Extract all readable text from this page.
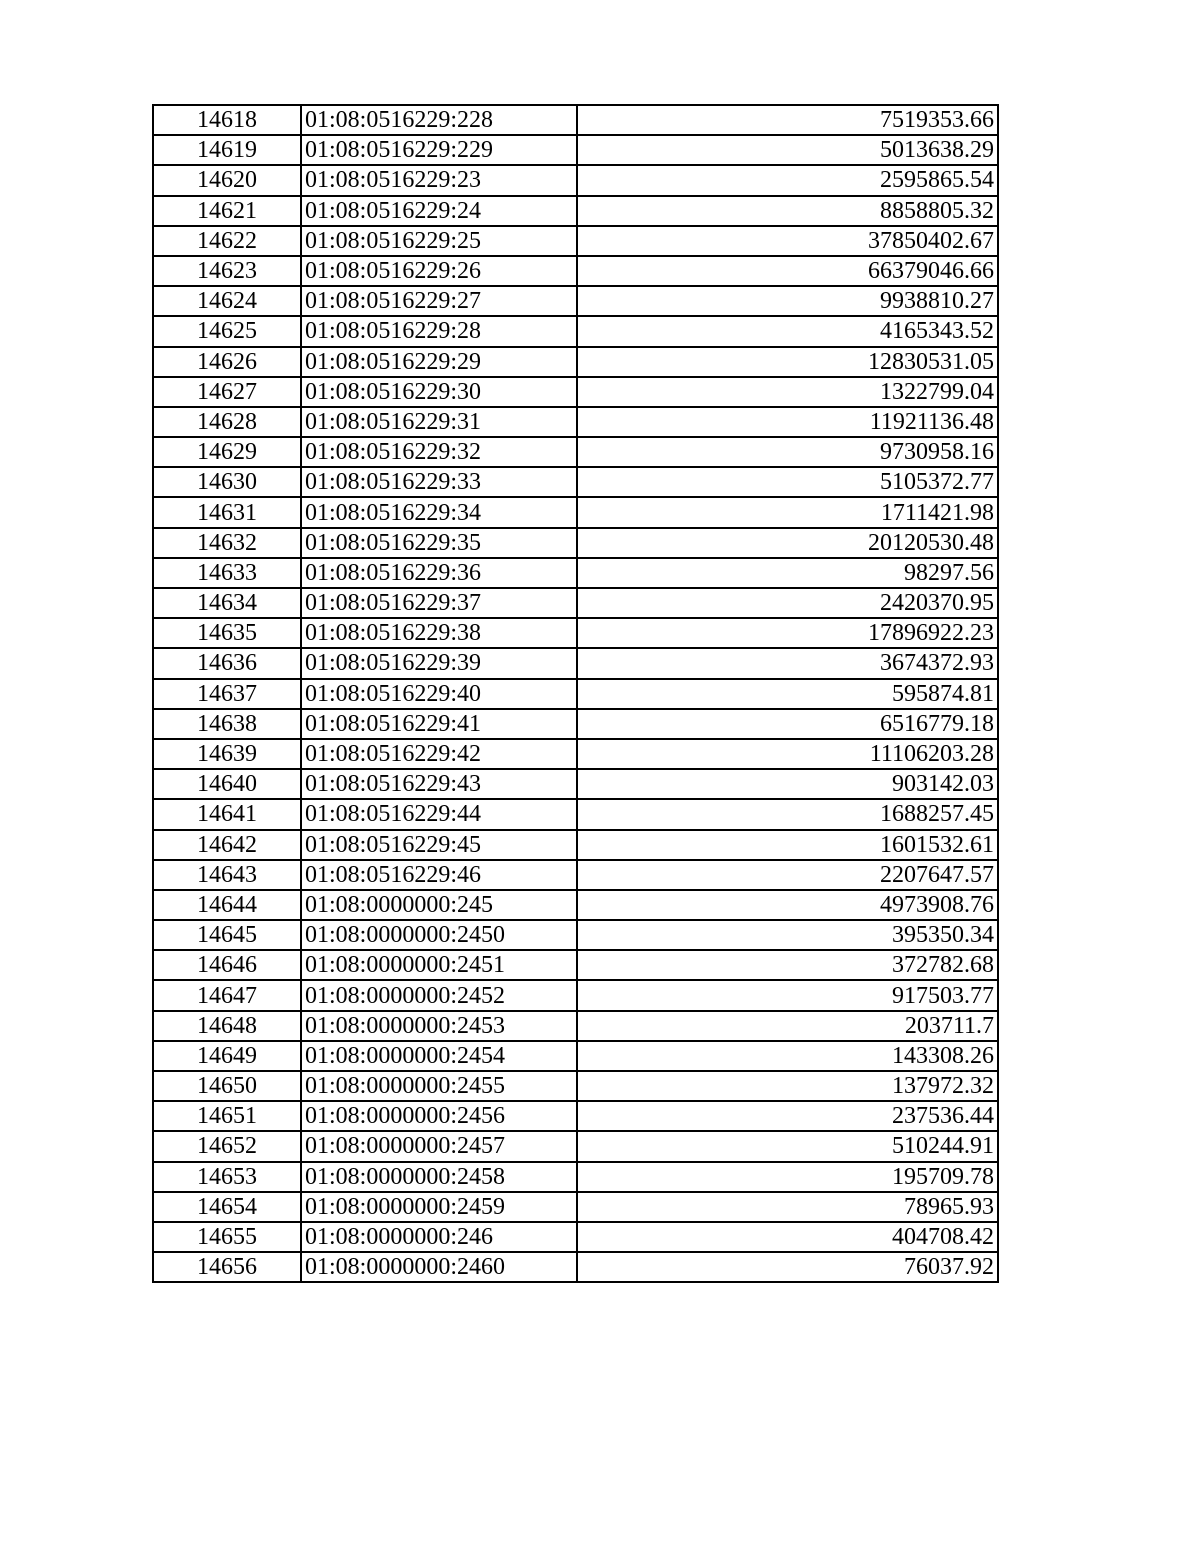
14618	01:08:0516229:228	7519353.66
14619	01:08:0516229:229	5013638.29
14620	01:08:0516229:23	2595865.54
14621	01:08:0516229:24	8858805.32
14622	01:08:0516229:25	37850402.67
14623	01:08:0516229:26	66379046.66
14624	01:08:0516229:27	9938810.27
14625	01:08:0516229:28	4165343.52
14626	01:08:0516229:29	12830531.05
14627	01:08:0516229:30	1322799.04
14628	01:08:0516229:31	11921136.48
14629	01:08:0516229:32	9730958.16
14630	01:08:0516229:33	5105372.77
14631	01:08:0516229:34	1711421.98
14632	01:08:0516229:35	20120530.48
14633	01:08:0516229:36	98297.56
14634	01:08:0516229:37	2420370.95
14635	01:08:0516229:38	17896922.23
14636	01:08:0516229:39	3674372.93
14637	01:08:0516229:40	595874.81
14638	01:08:0516229:41	6516779.18
14639	01:08:0516229:42	11106203.28
14640	01:08:0516229:43	903142.03
14641	01:08:0516229:44	1688257.45
14642	01:08:0516229:45	1601532.61
14643	01:08:0516229:46	2207647.57
14644	01:08:0000000:245	4973908.76
14645	01:08:0000000:2450	395350.34
14646	01:08:0000000:2451	372782.68
14647	01:08:0000000:2452	917503.77
14648	01:08:0000000:2453	203711.7
14649	01:08:0000000:2454	143308.26
14650	01:08:0000000:2455	137972.32
14651	01:08:0000000:2456	237536.44
14652	01:08:0000000:2457	510244.91
14653	01:08:0000000:2458	195709.78
14654	01:08:0000000:2459	78965.93
14655	01:08:0000000:246	404708.42
14656	01:08:0000000:2460	76037.92
